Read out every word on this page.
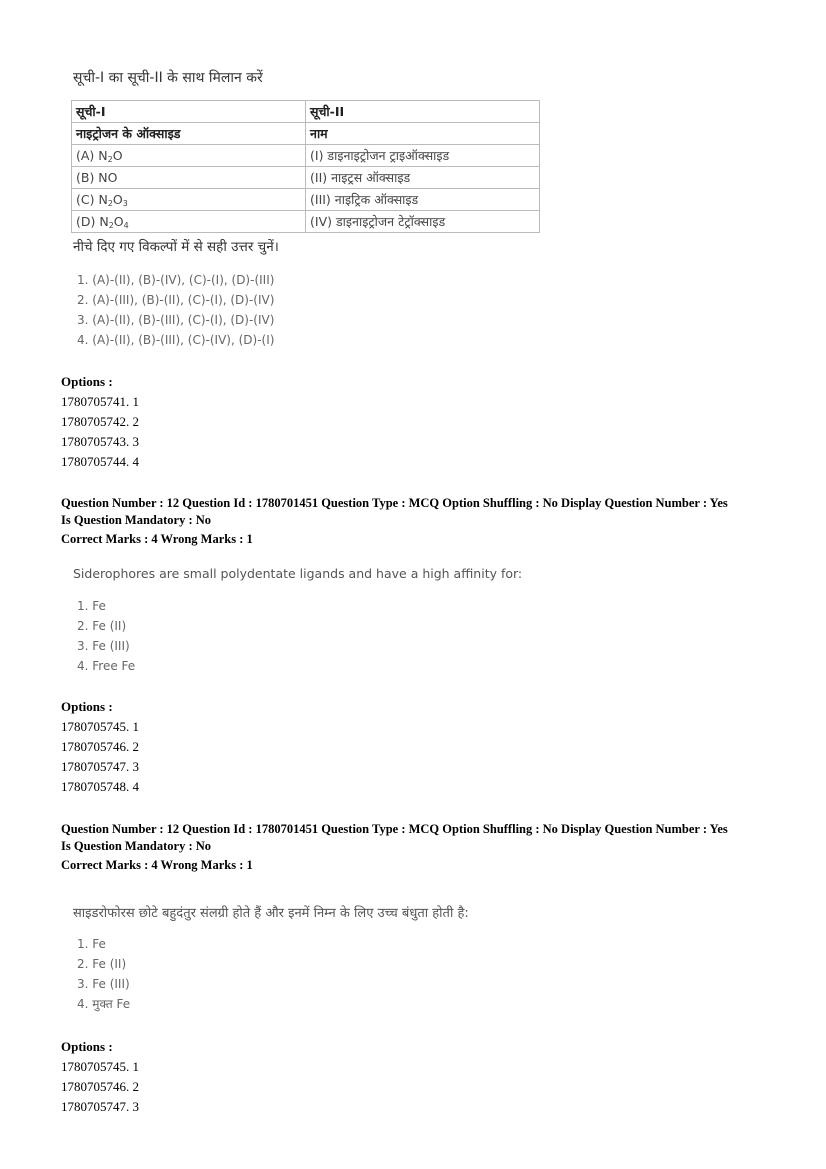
सूची-I का सूची-II के साथ मिलान करें
सूची-I	सूची-II
नाइट्रोजन के ऑक्साइड	नाम
(A) $N_2O$	(I) डाइनाइट्रोजन ट्राइऑक्साइड
(B) NO	(II) नाइट्रस ऑक्साइड
(C) $N_2O_3$	(III) नाइट्रिक ऑक्साइड
(D) $N_2O_4$	(IV) डाइनाइट्रोजन टेट्रॉक्साइड
नीचे दिए गए विकल्पों में से सही उत्तर चुनें।
1. (A)-(II), (B)-(IV), (C)-(I), (D)-(III)
2. (A)-(III), (B)-(II), (C)-(I), (D)-(IV)
3. (A)-(II), (B)-(III), (C)-(I), (D)-(IV)
4. (A)-(II), (B)-(III), (C)-(IV), (D)-(I)
Options :
1780705741. 1
1780705742. 2
1780705743. 3
1780705744. 4
Question Number : 12 Question Id : 1780701451 Question Type : MCQ Option Shuffling : No Display Question Number : Yes
Is Question Mandatory : No
Correct Marks : 4 Wrong Marks : 1
Siderophores are small polydentate ligands and have a high affinity for:
1. Fe
2. Fe (II)
3. Fe (III)
4. Free Fe
Options :
1780705745. 1
1780705746. 2
1780705747. 3
1780705748. 4
Question Number : 12 Question Id : 1780701451 Question Type : MCQ Option Shuffling : No Display Question Number : Yes
Is Question Mandatory : No
Correct Marks : 4 Wrong Marks : 1
साइडरोफोरस छोटे बहुदंतुर संलग्री होते हैं और इनमें निम्न के लिए उच्च बंधुता होती है:
1. Fe
2. Fe (II)
3. Fe (III)
4. मुक्त Fe
Options :
1780705745. 1
1780705746. 2
1780705747. 3
